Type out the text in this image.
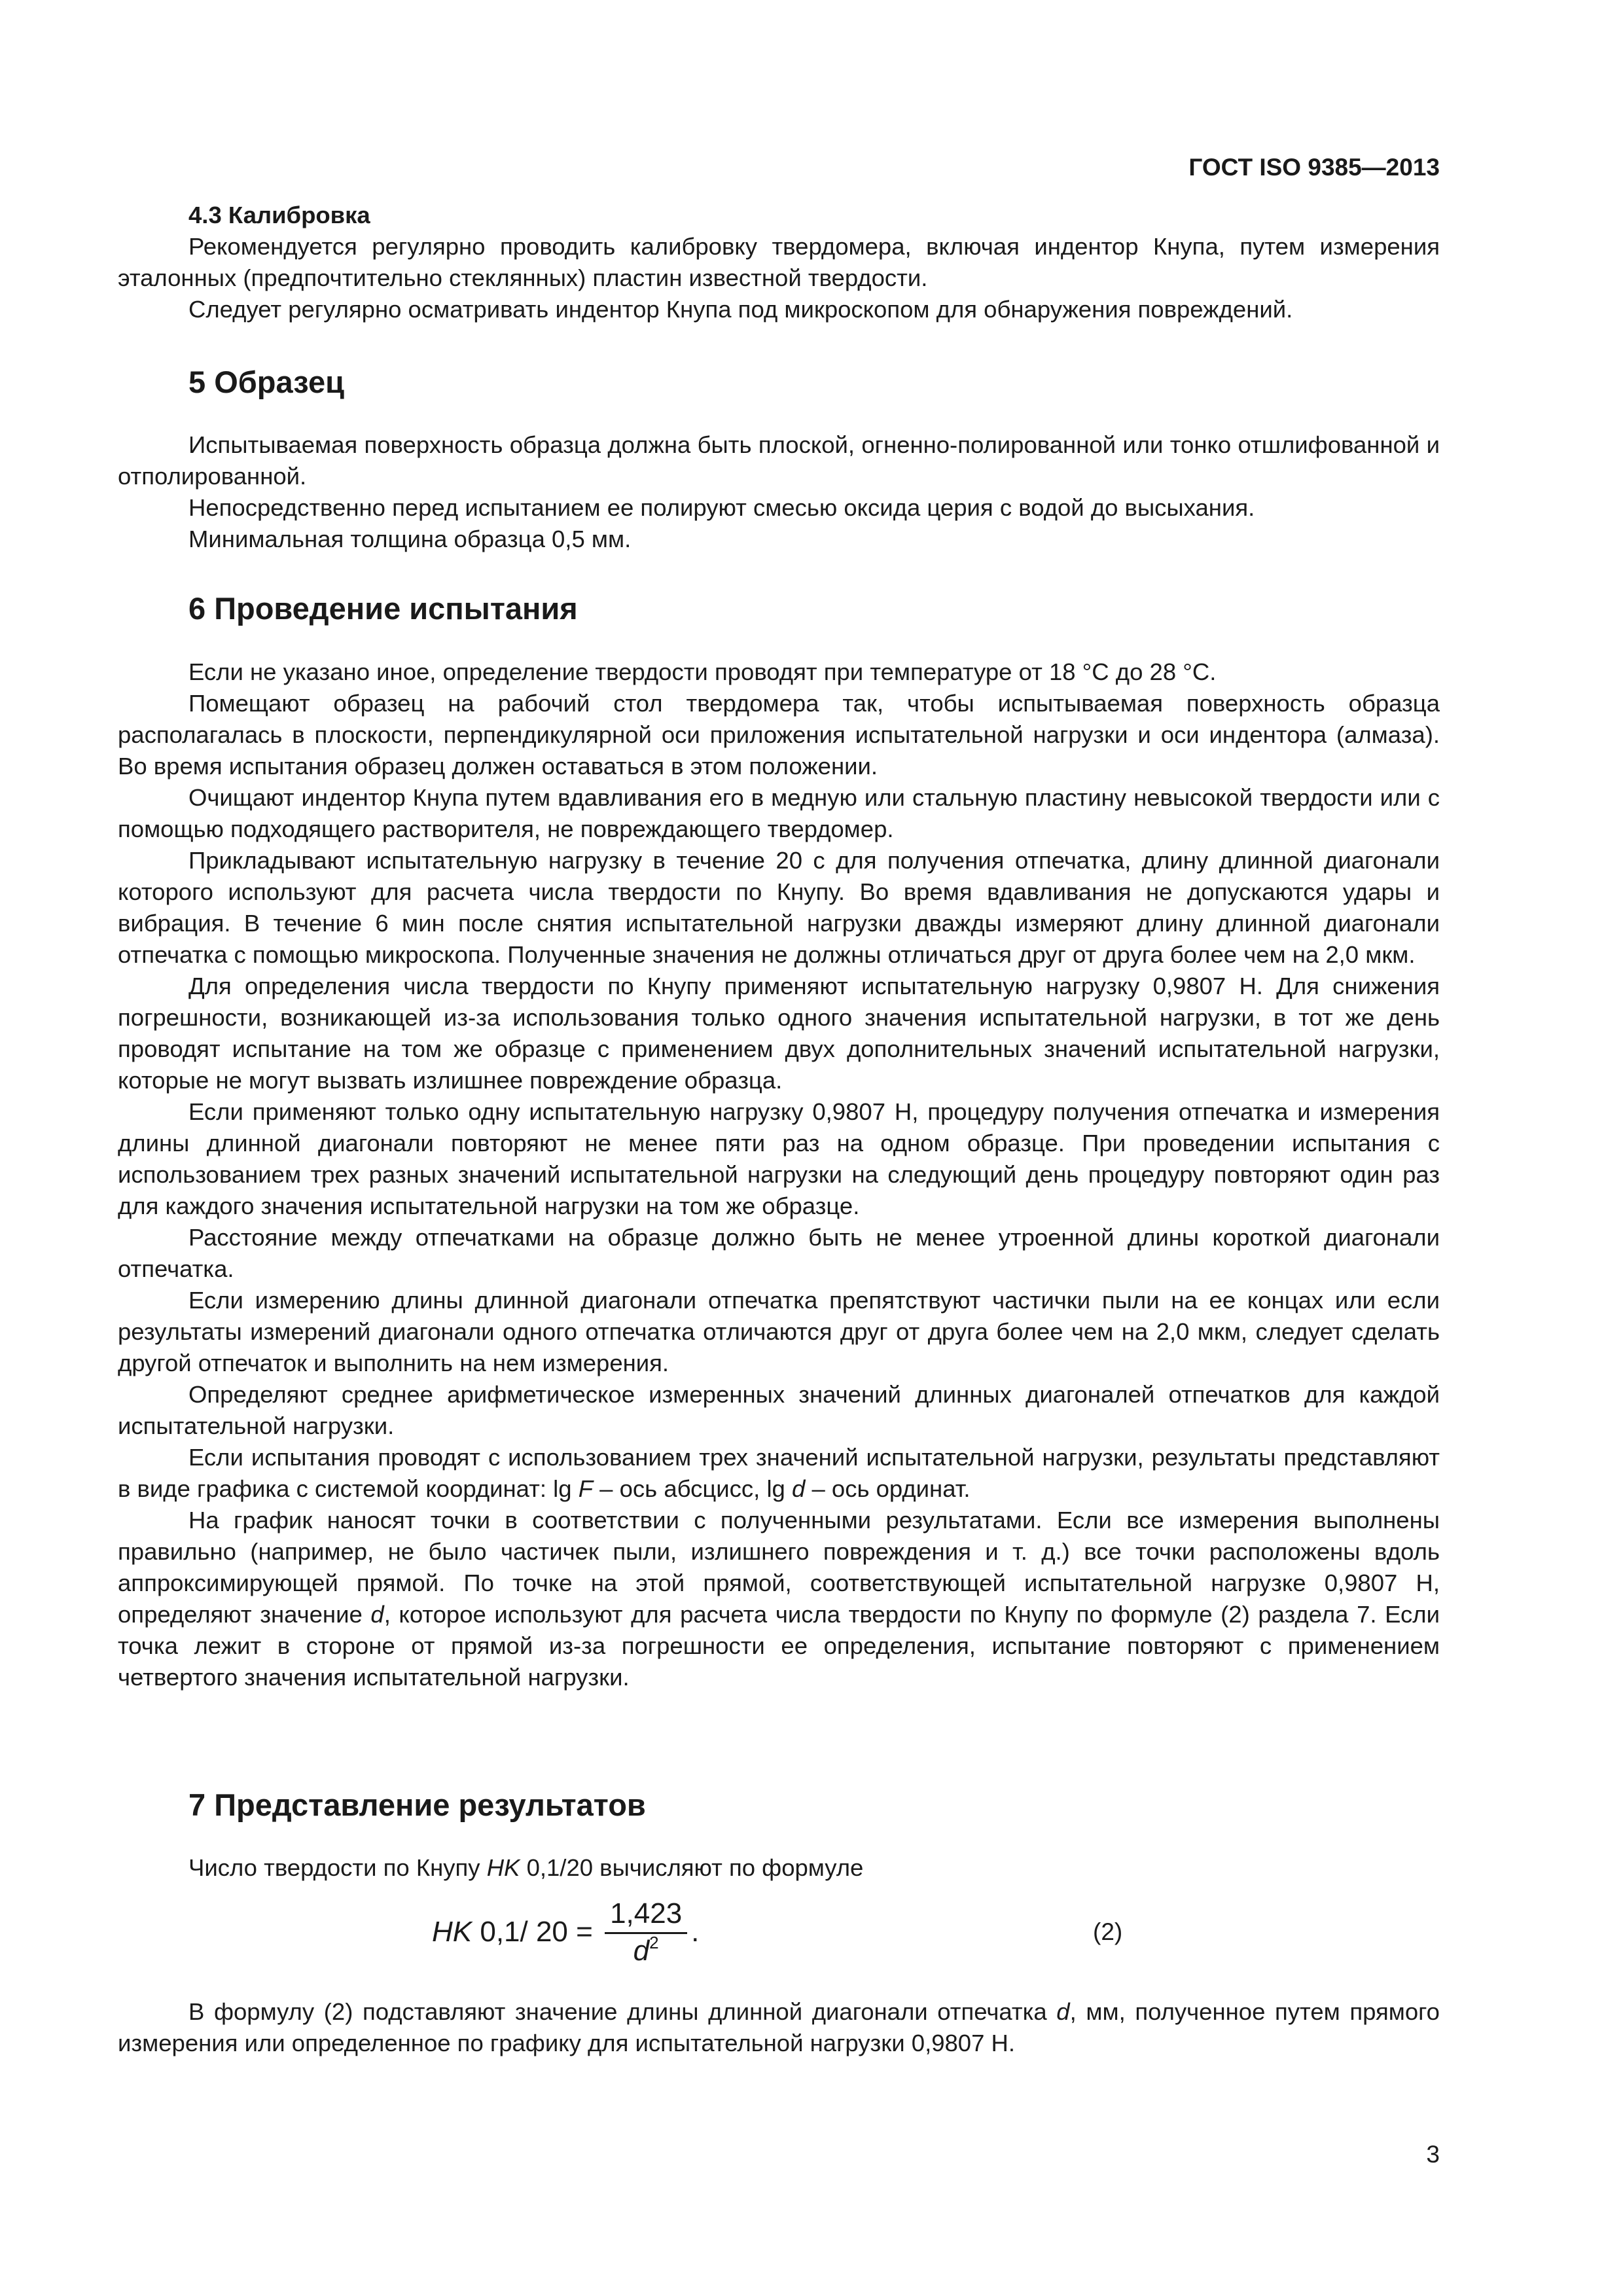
ГОСТ ISO 9385—2013

4.3 Калибровка

Рекомендуется регулярно проводить калибровку твердомера, включая индентор Кнупа, путем измерения эталонных (предпочтительно стеклянных) пластин известной твердости.

Следует регулярно осматривать индентор Кнупа под микроскопом для обнаружения повреждений.

5 Образец

Испытываемая поверхность образца должна быть плоской, огненно-полированной или тонко отшлифованной и отполированной.

Непосредственно перед испытанием ее полируют смесью оксида церия с водой до высыхания.

Минимальная толщина образца 0,5 мм.

6 Проведение испытания

Если не указано иное, определение твердости проводят при температуре от 18 °С до 28 °С.

Помещают образец на рабочий стол твердомера так, чтобы испытываемая поверхность образца располагалась в плоскости, перпендикулярной оси приложения испытательной нагрузки и оси индентора (алмаза). Во время испытания образец должен оставаться в этом положении.

Очищают индентор Кнупа путем вдавливания его в медную или стальную пластину невысокой твердости или с помощью подходящего растворителя, не повреждающего твердомер.

Прикладывают испытательную нагрузку в течение 20 с для получения отпечатка, длину длинной диагонали которого используют для расчета числа твердости по Кнупу. Во время вдавливания не допускаются удары и вибрация. В течение 6 мин после снятия испытательной нагрузки дважды измеряют длину длинной диагонали отпечатка с помощью микроскопа. Полученные значения не должны отличаться друг от друга более чем на 2,0 мкм.

Для определения числа твердости по Кнупу применяют испытательную нагрузку 0,9807 Н. Для снижения погрешности, возникающей из-за использования только одного значения испытательной нагрузки, в тот же день проводят испытание на том же образце с применением двух дополнительных значений испытательной нагрузки, которые не могут вызвать излишнее повреждение образца.

Если применяют только одну испытательную нагрузку 0,9807 Н, процедуру получения отпечатка и измерения длины длинной диагонали повторяют не менее пяти раз на одном образце. При проведении испытания с использованием трех разных значений испытательной нагрузки на следующий день процедуру повторяют один раз для каждого значения испытательной нагрузки на том же образце.

Расстояние между отпечатками на образце должно быть не менее утроенной длины короткой диагонали отпечатка.

Если измерению длины длинной диагонали отпечатка препятствуют частички пыли на ее концах или если результаты измерений диагонали одного отпечатка отличаются друг от друга более чем на 2,0 мкм, следует сделать другой отпечаток и выполнить на нем измерения.

Определяют среднее арифметическое измеренных значений длинных диагоналей отпечатков для каждой испытательной нагрузки.

Если испытания проводят с использованием трех значений испытательной нагрузки, результаты представляют в виде графика с системой координат: lg F – ось абсцисс, lg d – ось ординат.

На график наносят точки в соответствии с полученными результатами. Если все измерения выполнены правильно (например, не было частичек пыли, излишнего повреждения и т. д.) все точки расположены вдоль аппроксимирующей прямой. По точке на этой прямой, соответствующей испытательной нагрузке 0,9807 Н, определяют значение d, которое используют для расчета числа твердости по Кнупу по формуле (2) раздела 7. Если точка лежит в стороне от прямой из-за погрешности ее определения, испытание повторяют с применением четвертого значения испытательной нагрузки.

7 Представление результатов

Число твердости по Кнупу HK 0,1/20 вычисляют по формуле

HK 0,1/ $20 = \frac{1,423}{d^2}$ .	(2)

В формулу (2) подставляют значение длины длинной диагонали отпечатка d, мм, полученное путем прямого измерения или определенное по графику для испытательной нагрузки 0,9807 Н.

3
